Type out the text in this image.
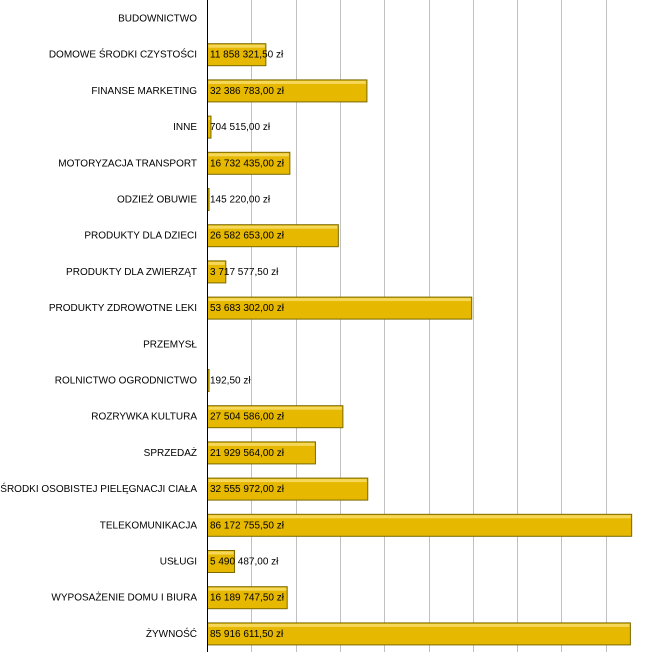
BUDOWNICTWO
DOMOWE ŚRODKI CZYSTOŚCI 11 858 321,50 zł
FINANSE MARKETING 32 386 783,00 zł
INNE 704 515,00 zł
MOTORYZACJA TRANSPORT 16 732 435,00 zł
ODZIEŻ OBUWIE 145 220,00 zł
PRODUKTY DLA DZIECI 26 582 653,00 zł
PRODUKTY DLA ZWIERZĄT 3 717 577,50 zł
PRODUKTY ZDROWOTNE LEKI 53 683 302,00 zł
PRZEMYSŁ
ROLNICTWO OGRODNICTWO 192,50 zł
ROZRYWKA KULTURA 27 504 586,00 zł
SPRZEDAŻ 21 929 564,00 zł
ŚRODKI OSOBISTEJ PIELĘGNACJI CIAŁA 32 555 972,00 zł
TELEKOMUNIKACJA 86 172 755,50 zł
USŁUGI 5 490 487,00 zł
WYPOSAŻENIE DOMU I BIURA 16 189 747,50 zł
ŻYWNOŚĆ 85 916 611,50 zł
